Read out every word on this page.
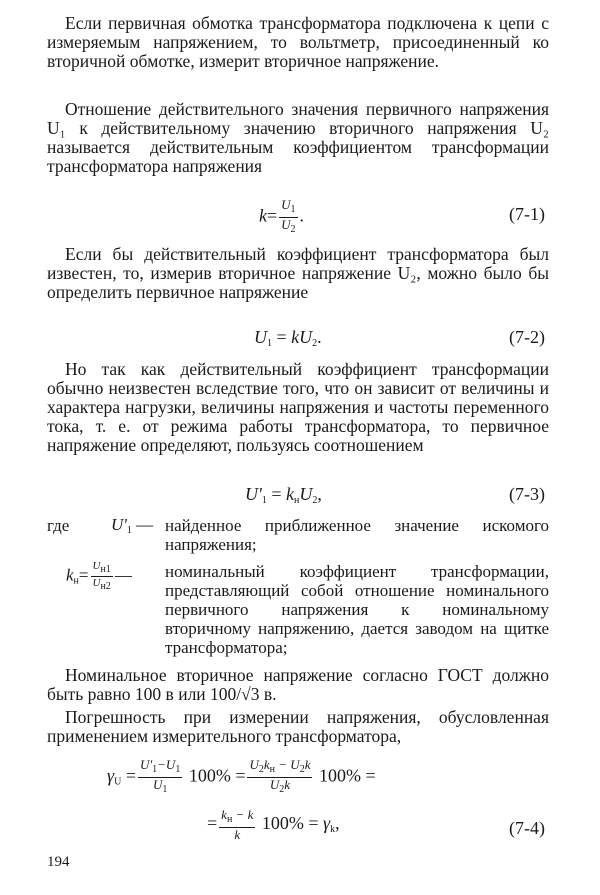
Если первичная обмотка трансформатора подключена к цепи с измеряемым напряжением, то вольтметр, присоединенный ко вторичной обмотке, измерит вторичное напряжение.

Отношение действительного значения первичного напряжения U₁ к действительному значению вторичного напряжения U₂ называется действительным коэффициентом трансформации трансформатора напряжения

$k= \frac{U_1}{U_2}$ .	(7-1)

Если бы действительный коэффициент трансформатора был известен, то, измерив вторичное напряжение U₂, можно было бы определить первичное напряжение

$U_1 = kU_2$.	(7-2)

Но так как действительный коэффициент трансформации обычно неизвестен вследствие того, что он зависит от величины и характера нагрузки, величины напряжения и частоты переменного тока, т. е. от режима работы трансформатора, то первичное напряжение определяют, пользуясь соотношением

$U'_1 = k_нU_2$,	(7-3)
где $U'_1$ — найденное приближенное значение искомого напряжения;
$k_н= \frac{U_{н1}}{U_{н2}}$ — номинальный коэффициент трансформации, представляющий собой отношение номинального первичного напряжения к номинальному вторичному напряжению, дается заводом на щитке трансформатора;

Номинальное вторичное напряжение согласно ГОСТ должно быть равно 100 в или 100/√3 в.

Погрешность при измерении напряжения, обусловленная применением измерительного трансформатора,

$\gamma_U = \frac{U'_1-U_1}{U_1} 100\% = \frac{U_2k_н - U_2k}{U_2k} 100\%$ =
= $\frac{k_н - k}{k} 100\% = \gamma_k$,	(7-4)
194
